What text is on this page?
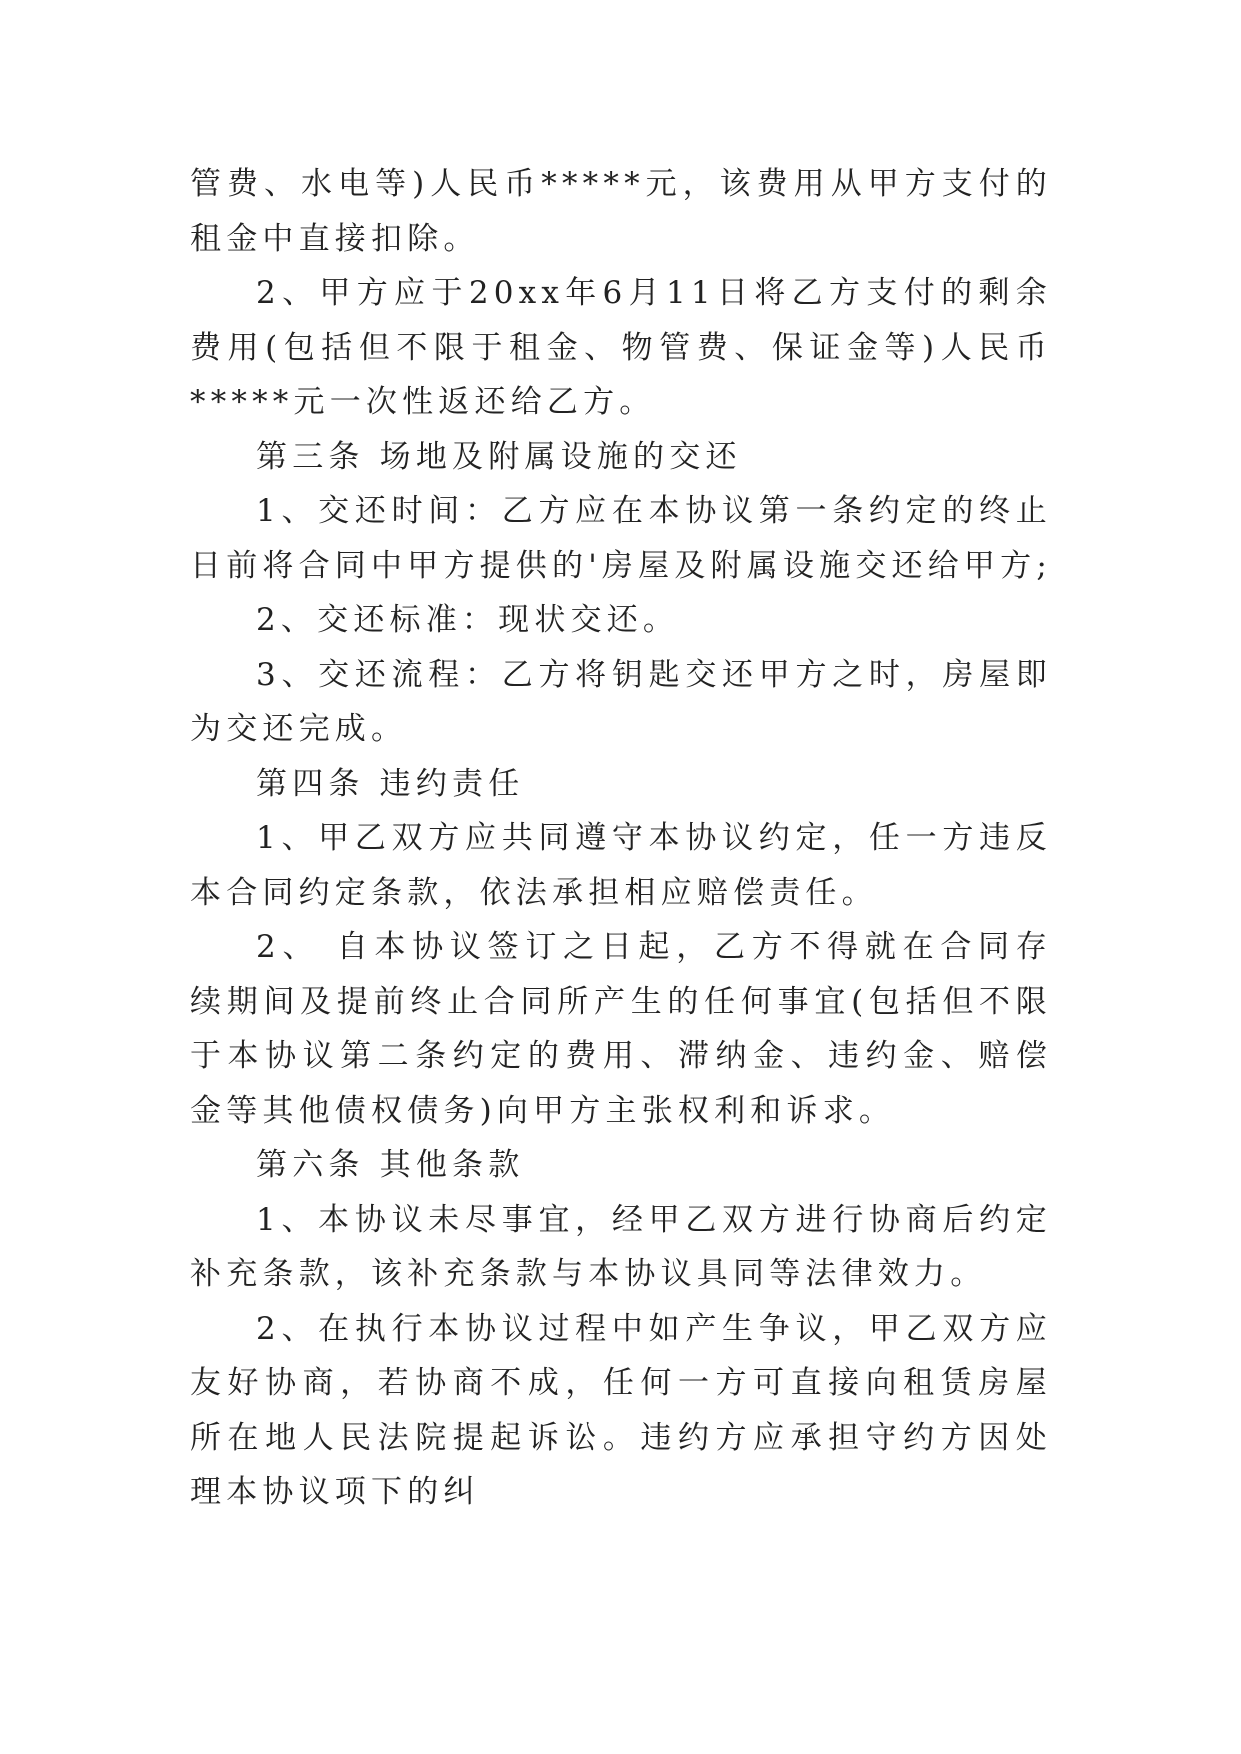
管费、水电等)人民币*****元，该费用从甲方支付的租金中直接扣除。

2、甲方应于20xx年6月11日将乙方支付的剩余费用(包括但不限于租金、物管费、保证金等)人民币*****元一次性返还给乙方。

第三条 场地及附属设施的交还

1、交还时间：乙方应在本协议第一条约定的终止日前将合同中甲方提供的'房屋及附属设施交还给甲方;

2、交还标准：现状交还。

3、交还流程：乙方将钥匙交还甲方之时，房屋即为交还完成。

第四条 违约责任

1、甲乙双方应共同遵守本协议约定，任一方违反本合同约定条款，依法承担相应赔偿责任。

2、 自本协议签订之日起，乙方不得就在合同存续期间及提前终止合同所产生的任何事宜(包括但不限于本协议第二条约定的费用、滞纳金、违约金、赔偿金等其他债权债务)向甲方主张权利和诉求。

第六条 其他条款

1、本协议未尽事宜，经甲乙双方进行协商后约定补充条款，该补充条款与本协议具同等法律效力。

2、在执行本协议过程中如产生争议，甲乙双方应友好协商，若协商不成，任何一方可直接向租赁房屋所在地人民法院提起诉讼。违约方应承担守约方因处理本协议项下的纠
